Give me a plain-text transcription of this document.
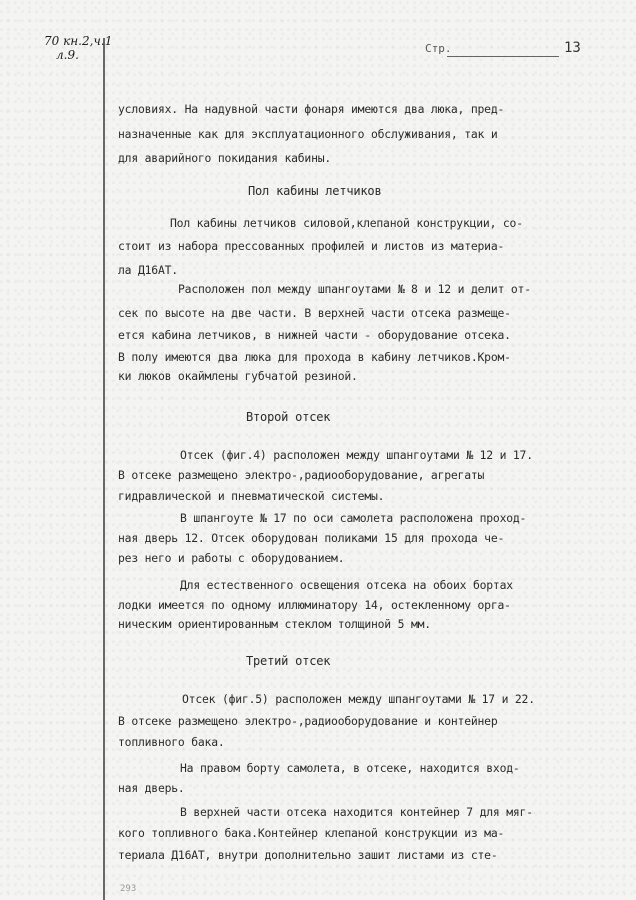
70 кн.2,ч.1
л.9.	Стр.	13
условиях. На надувной части фонаря имеются два люка, пред-
назначенные как для эксплуатационного обслуживания, так и
для аварийного покидания кабины.
Пол кабины летчиков
Пол кабины летчиков силовой,клепаной конструкции, со-
стоит из набора прессованных профилей и листов из материа-
ла Д16АТ.
Расположен пол между шпангоутами № 8 и 12 и делит от-
сек по высоте на две части. В верхней части отсека размеще-
ется кабина летчиков, в нижней части - оборудование отсека.
В полу имеются два люка для прохода в кабину летчиков.Кром-
ки люков окаймлены губчатой резиной.
Второй отсек
Отсек (фиг.4) расположен между шпангоутами № 12 и 17.
В отсеке размещено электро-,радиооборудование, агрегаты
гидравлической и пневматической системы.
В шпангоуте № 17 по оси самолета расположена проход-
ная дверь 12. Отсек оборудован поликами 15 для прохода че-
рез него и работы с оборудованием.
Для естественного освещения отсека на обоих бортах
лодки имеется по одному иллюминатору 14, остекленному орга-
ническим ориентированным стеклом толщиной 5 мм.
Третий отсек
Отсек (фиг.5) расположен между шпангоутами № 17 и 22.
В отсеке размещено электро-,радиооборудование и контейнер
топливного бака.
На правом борту самолета, в отсеке, находится вход-
ная дверь.
В верхней части отсека находится контейнер 7 для мяг-
кого топливного бака.Контейнер клепаной конструкции из ма-
териала Д16АТ, внутри дополнительно зашит листами из сте-
293
